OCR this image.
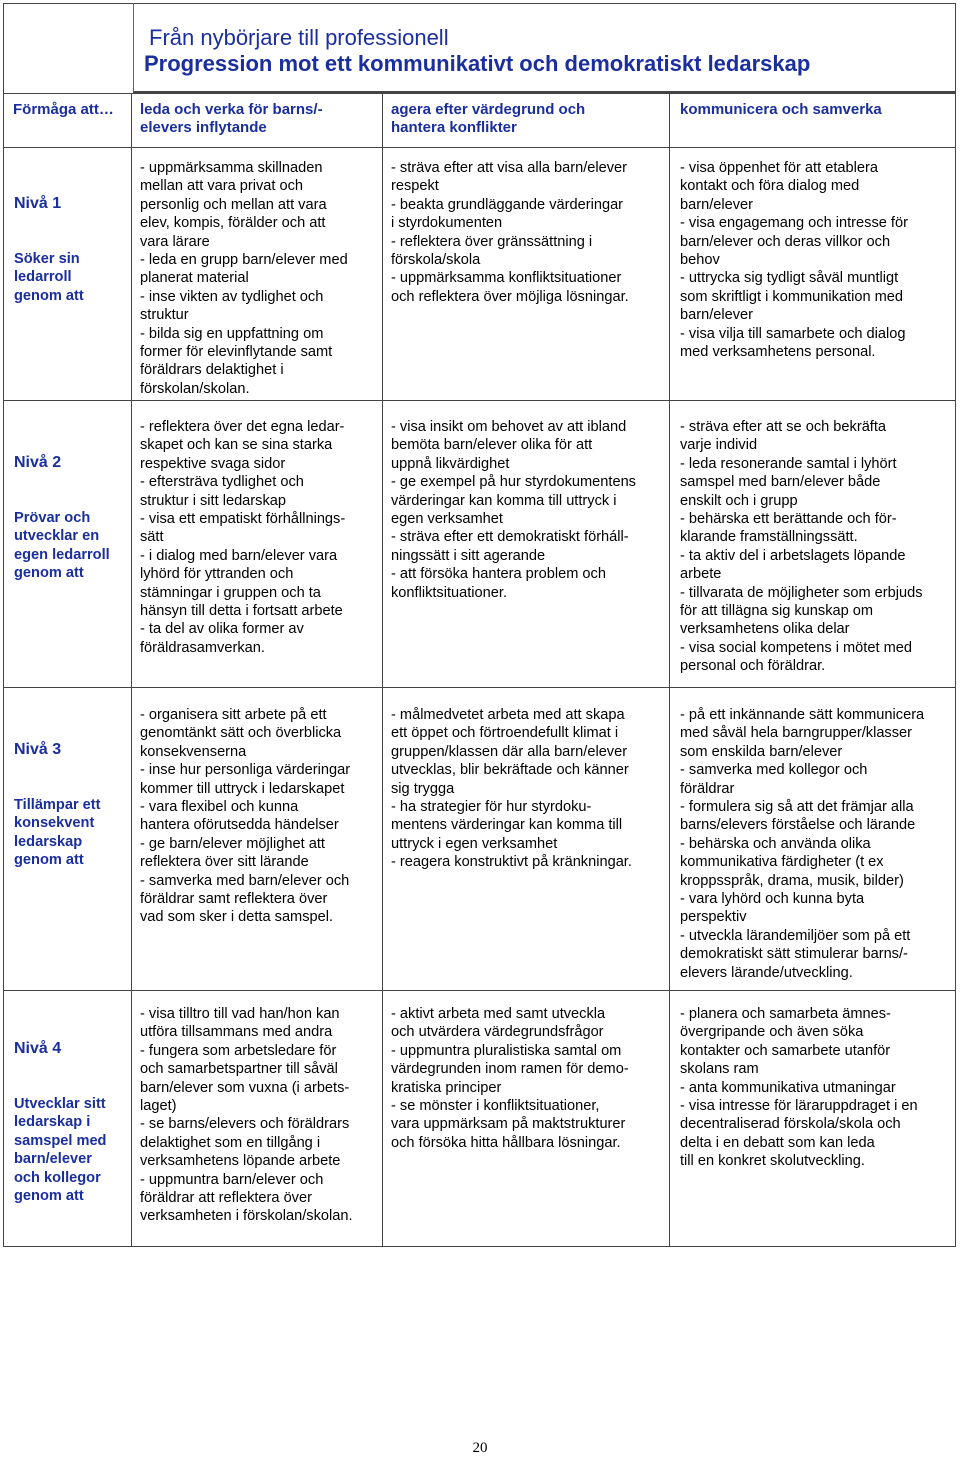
Från nybörjare till professionell
Progression mot ett kommunikativt och demokratiskt ledarskap
Förmåga att… leda och verka för barns/-
elevers inflytande
agera efter värdegrund och
hantera konflikter
kommunicera och samverka

Nivå 1

Söker sin
ledarroll
genom att

- uppmärksamma skillnaden
mellan att vara privat och
personlig och mellan att vara
elev, kompis, förälder och att
vara lärare
- leda en grupp barn/elever med
planerat material
- inse vikten av tydlighet och
struktur
- bilda sig en uppfattning om
former för elevinflytande samt
föräldrars delaktighet i
förskolan/skolan.
- sträva efter att visa alla barn/elever
respekt
- beakta grundläggande värderingar
i styrdokumenten
- reflektera över gränssättning i
förskola/skola
- uppmärksamma konfliktsituationer
och reflektera över möjliga lösningar.
- visa öppenhet för att etablera
kontakt och föra dialog med
barn/elever
- visa engagemang och intresse för
barn/elever och deras villkor och
behov
- uttrycka sig tydligt såväl muntligt
som skriftligt i kommunikation med
barn/elever
- visa vilja till samarbete och dialog
med verksamhetens personal.

Nivå 2

Prövar och
utvecklar en
egen ledarroll
genom att

- reflektera över det egna ledar-
skapet och kan se sina starka
respektive svaga sidor
- eftersträva tydlighet och
struktur i sitt ledarskap
- visa ett empatiskt förhållnings-
sätt
- i dialog med barn/elever vara
lyhörd för yttranden och
stämningar i gruppen och ta
hänsyn till detta i fortsatt arbete
- ta del av olika former av
föräldrasamverkan.
- visa insikt om behovet av att ibland
bemöta barn/elever olika för att
uppnå likvärdighet
- ge exempel på hur styrdokumentens
värderingar kan komma till uttryck i
egen verksamhet
- sträva efter ett demokratiskt förháll-
ningssätt i sitt agerande
- att försöka hantera problem och
konfliktsituationer.
- sträva efter att se och bekräfta
varje individ
- leda resonerande samtal i lyhört
samspel med barn/elever både
enskilt och i grupp
- behärska ett berättande och för-
klarande framställningssätt.
- ta aktiv del i arbetslagets löpande
arbete
- tillvarata de möjligheter som erbjuds
för att tillägna sig kunskap om
verksamhetens olika delar
- visa social kompetens i mötet med
personal och föräldrar.

Nivå 3

Tillämpar ett
konsekvent
ledarskap
genom att

- organisera sitt arbete på ett
genomtänkt sätt och överblicka
konsekvenserna
- inse hur personliga värderingar
kommer till uttryck i ledarskapet
- vara flexibel och kunna
hantera oförutsedda händelser
- ge barn/elever möjlighet att
reflektera över sitt lärande
- samverka med barn/elever och
föräldrar samt reflektera över
vad som sker i detta samspel.
- målmedvetet arbeta med att skapa
ett öppet och förtroendefullt klimat i
gruppen/klassen där alla barn/elever
utvecklas, blir bekräftade och känner
sig trygga
- ha strategier för hur styrdoku-
mentens värderingar kan komma till
uttryck i egen verksamhet
- reagera konstruktivt på kränkningar.
- på ett inkännande sätt kommunicera
med såväl hela barngrupper/klasser
som enskilda barn/elever
- samverka med kollegor och
föräldrar
- formulera sig så att det främjar alla
barns/elevers förståelse och lärande
- behärska och använda olika
kommunikativa färdigheter (t ex
kroppsspråk, drama, musik, bilder)
- vara lyhörd och kunna byta
perspektiv
- utveckla lärandemiljöer som på ett
demokratiskt sätt stimulerar barns/-
elevers lärande/utveckling.

Nivå 4

Utvecklar sitt
ledarskap i
samspel med
barn/elever
och kollegor
genom att

- visa tilltro till vad han/hon kan
utföra tillsammans med andra
- fungera som arbetsledare för
och samarbetspartner till såväl
barn/elever som vuxna (i arbets-
laget)
- se barns/elevers och föräldrars
delaktighet som en tillgång i
verksamhetens löpande arbete
- uppmuntra barn/elever och
föräldrar att reflektera över
verksamheten i förskolan/skolan.
- aktivt arbeta med samt utveckla
och utvärdera värdegrundsfrågor
- uppmuntra pluralistiska samtal om
värdegrunden inom ramen för demo-
kratiska principer
- se mönster i konfliktsituationer,
vara uppmärksam på maktstrukturer
och försöka hitta hållbara lösningar.
- planera och samarbeta ämnes-
övergripande och även söka
kontakter och samarbete utanför
skolans ram
- anta kommunikativa utmaningar
- visa intresse för läraruppdraget i en
decentraliserad förskola/skola och
delta i en debatt som kan leda
till en konkret skolutveckling.
20
